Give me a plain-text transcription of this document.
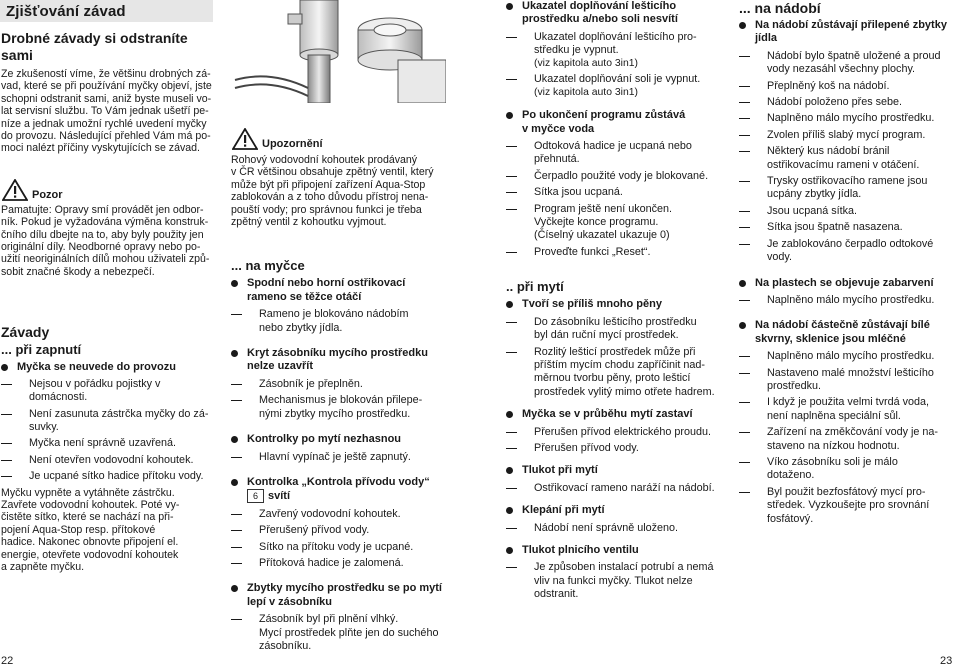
Zjišťování závad
Drobné závady si odstraníte sami
Ze zkušeností víme, že většinu drobných zá-
vad, které se při používání myčky objeví, jste
schopni odstranit sami, aniž byste museli vo-
lat servisní službu. To Vám jednak ušetří pe-
níze a jednak umožní rychlé uvedení myčky
do provozu. Následující přehled Vám má po-
moci nalézt příčiny vyskytujících se závad.
Pozor
Pamatujte: Opravy smí provádět jen odbor-
ník. Pokud je vyžadována výměna konstruk-
čního dílu dbejte na to, aby byly použity jen
originální díly. Neodborné opravy nebo po-
užití neoriginálních dílů mohou uživateli způ-
sobit značné škody a nebezpečí.
Závady
... při zapnutí
Myčka se neuvede do provozu
Nejsou v pořádku pojistky v domácnosti.
Není zasunuta zástrčka myčky do zá-
suvky.
Myčka není správně uzavřená.
Není otevřen vodovodní kohoutek.
Je ucpané sítko hadice přítoku vody.
Myčku vypněte a vytáhněte zástrčku.
Zavřete vodovodní kohoutek. Poté vy-
čistěte sítko, které se nachází na při-
pojení Aqua-Stop resp. přítokové
hadice. Nakonec obnovte připojení el.
energie, otevřete vodovodní kohoutek
a zapněte myčku.
Upozornění
Rohový vodovodní kohoutek prodávaný
v ČR většinou obsahuje zpětný ventil, který
může být při připojení zařízení Aqua-Stop
zablokován a z toho důvodu přístroj nena-
pouští vody; pro správnou funkci je třeba
zpětný ventil z kohoutku vyjmout.
... na myčce
Spodní nebo horní ostřikovací
rameno se těžce otáčí
Rameno je blokováno nádobím
nebo zbytky jídla.
Kryt zásobníku mycího prostředku
nelze uzavřít
Zásobník je přeplněn.
Mechanismus je blokován přilepe-
nými zbytky mycího prostředku.
Kontrolky po mytí nezhasnou
Hlavní vypínač je ještě zapnutý.
Kontrolka „Kontrola přívodu vody“
6 svítí
Zavřený vodovodní kohoutek.
Přerušený přívod vody.
Sítko na přítoku vody je ucpané.
Přítoková hadice je zalomená.
Zbytky mycího prostředku se po mytí
lepí v zásobníku
Zásobník byl při plnění vlhký.
Mycí prostředek plňte jen do suchého
zásobníku.
Ukazatel doplňování lešticího
prostředku a/nebo soli nesvítí
Ukazatel doplňování lešticího pro-
středku je vypnut.
(viz kapitola auto 3in1)
Ukazatel doplňování soli je vypnut.
(viz kapitola auto 3in1)
Po ukončení programu zůstává
v myčce voda
Odtoková hadice je ucpaná nebo
přehnutá.
Čerpadlo použité vody je blokované.
Sítka jsou ucpaná.
Program ještě není ukončen.
Vyčkejte konce programu.
(Číselný ukazatel ukazuje 0)
Proveďte funkci „Reset“.
.. při mytí
Tvoří se příliš mnoho pěny
Do zásobníku lešticího prostředku
byl dán ruční mycí prostředek.
Rozlitý lešticí prostředek může při
příštím mycím chodu zapříčinit nad-
měrnou tvorbu pěny, proto lešticí
prostředek vylitý mimo otřete hadrem.
Myčka se v průběhu mytí zastaví
Přerušen přívod elektrického proudu.
Přerušen přívod vody.
Tlukot při mytí
Ostřikovací rameno naráží na nádobí.
Klepání při mytí
Nádobí není správně uloženo.
Tlukot plnicího ventilu
Je způsoben instalací potrubí a nemá
vliv na funkci myčky. Tlukot nelze
odstranit.
... na nádobí
Na nádobí zůstávají přilepené zbytky
jídla
Nádobí bylo špatně uložené a proud
vody nezasáhl všechny plochy.
Přeplněný koš na nádobí.
Nádobí položeno přes sebe.
Naplněno málo mycího prostředku.
Zvolen příliš slabý mycí program.
Některý kus nádobí bránil
ostřikovacímu rameni v otáčení.
Trysky ostřikovacího ramene jsou
ucpány zbytky jídla.
Jsou ucpaná sítka.
Sítka jsou špatně nasazena.
Je zablokováno čerpadlo odtokové
vody.
Na plastech se objevuje zabarvení
Naplněno málo mycího prostředku.
Na nádobí částečně zůstávají bílé
skvrny, sklenice jsou mléčné
Naplněno málo mycího prostředku.
Nastaveno malé množství lešticího
prostředku.
I když je použita velmi tvrdá voda,
není naplněna speciální sůl.
Zařízení na změkčování vody je na-
staveno na nízkou hodnotu.
Víko zásobníku soli je málo
dotaženo.
Byl použit bezfosfátový mycí pro-
středek. Vyzkoušejte pro srovnání
fosfátový.
22	23
